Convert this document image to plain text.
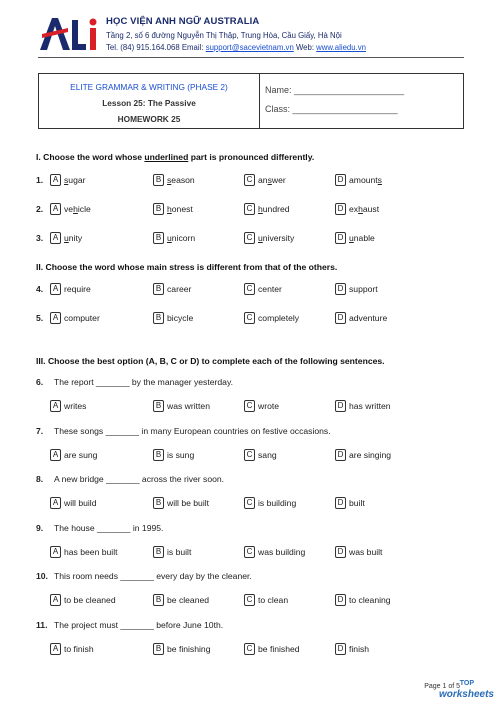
HỌC VIỆN ANH NGỮ AUSTRALIA
Tầng 2, số 6 đường Nguyễn Thị Thập, Trung Hòa, Cầu Giấy, Hà Nội
Tel. (84) 915.164.068 Email: support@sacevietnam.vn Web: www.aliedu.vn
ELITE GRAMMAR & WRITING (PHASE 2)
Lesson 25: The Passive
HOMEWORK 25
Name: ______________________
Class: _____________________
I. Choose the word whose underlined part is pronounced differently.
1.	A sugar	B season	C answer	D amounts
2.	A vehicle	B honest	C hundred	D exhaust
3.	A unity	B unicorn	C university	D unable
II. Choose the word whose main stress is different from that of the others.
4.	A require	B career	C center	D support
5.	A computer	B bicycle	C completely	D adventure
III. Choose the best option (A, B, C or D) to complete each of the following sentences.
6. The report _______ by the manager yesterday.
A writes	B was written	C wrote	D has written
7. These songs _______ in many European countries on festive occasions.
A are sung	B is sung	C sang	D are singing
8. A new bridge _______ across the river soon.
A will build	B will be built	C is building	D built
9. The house _______ in 1995.
A has been built	B is built	C was building	D was built
10. This room needs _______ every day by the cleaner.
A to be cleaned	B be cleaned	C to clean	D to cleaning
11. The project must _______ before June 10th.
A to finish	B be finishing	C be finished	D finish
Page 1 of 5 TOP
worksheets
